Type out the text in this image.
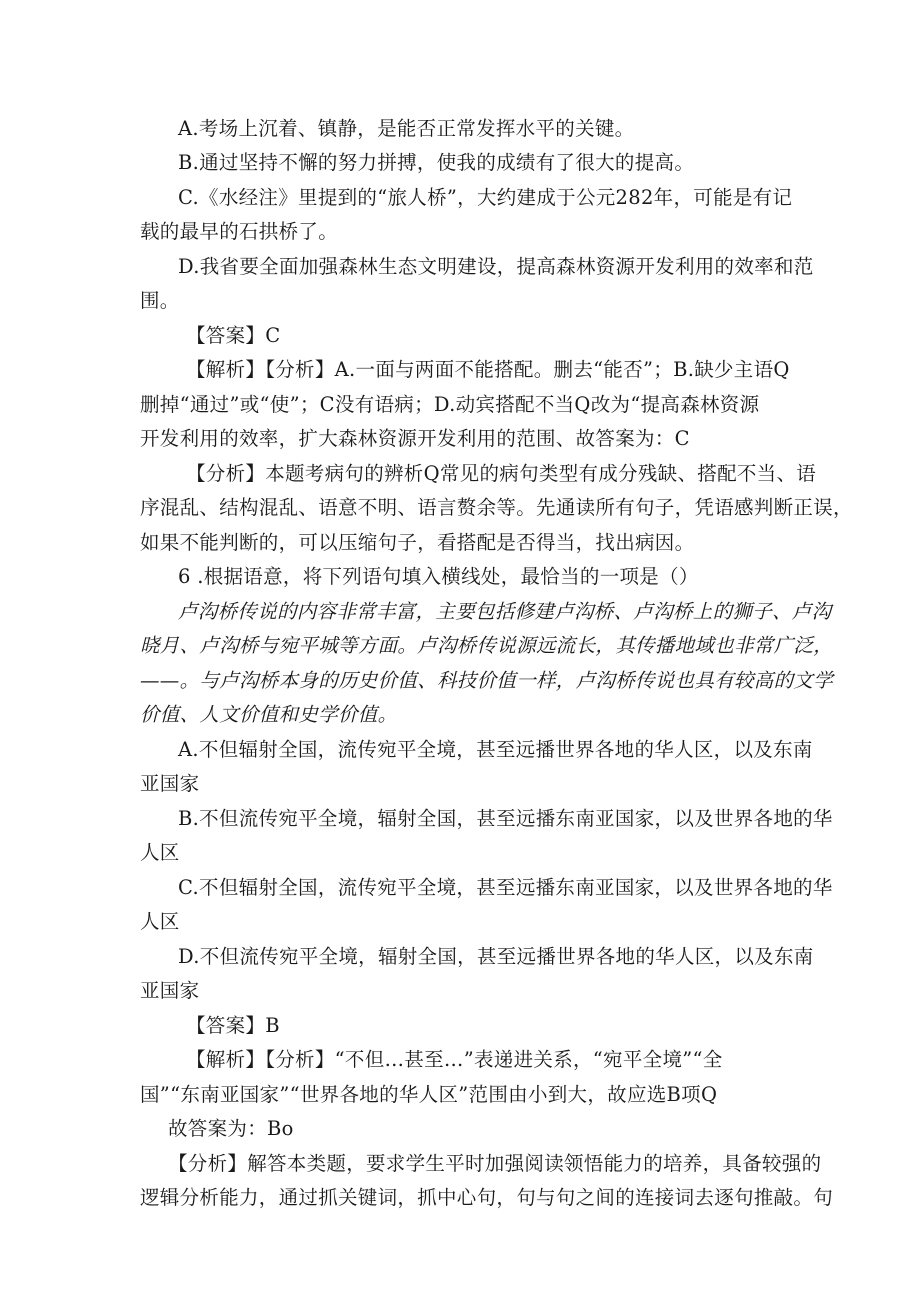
A.考场上沉着、镇静，是能否正常发挥水平的关键。
B.通过坚持不懈的努力拼搏，使我的成绩有了很大的提高。
C.《水经注》里提到的“旅人桥”，大约建成于公元282年，可能是有记
载的最早的石拱桥了。
D.我省要全面加强森林生态文明建设，提高森林资源开发利用的效率和范
围。
【答案】C
【解析】【分析】A.一面与两面不能搭配。删去“能否”；B.缺少主语Q
删掉“通过”或“使”；C没有语病；D.动宾搭配不当Q改为“提高森林资源
开发利用的效率，扩大森林资源开发利用的范围、故答案为：C
【分析】本题考病句的辨析Q常见的病句类型有成分残缺、搭配不当、语
序混乱、结构混乱、语意不明、语言赘余等。先通读所有句子，凭语感判断正误，
如果不能判断的，可以压缩句子，看搭配是否得当，找出病因。
6 .根据语意，将下列语句填入横线处，最恰当的一项是（）
卢沟桥传说的内容非常丰富，主要包括修建卢沟桥、卢沟桥上的狮子、卢沟
晓月、卢沟桥与宛平城等方面。卢沟桥传说源远流长，其传播地域也非常广泛，
——。与卢沟桥本身的历史价值、科技价值一样，卢沟桥传说也具有较高的文学
价值、人文价值和史学价值。
A.不但辐射全国，流传宛平全境，甚至远播世界各地的华人区，以及东南
亚国家
B.不但流传宛平全境，辐射全国，甚至远播东南亚国家，以及世界各地的华
人区
C.不但辐射全国，流传宛平全境，甚至远播东南亚国家，以及世界各地的华
人区
D.不但流传宛平全境，辐射全国，甚至远播世界各地的华人区，以及东南
亚国家
【答案】B
【解析】【分析】“不但…甚至…”表递进关系，“宛平全境”“全
国”“东南亚国家”“世界各地的华人区”范围由小到大，故应选B项Q
故答案为：Bo
【分析】解答本类题，要求学生平时加强阅读领悟能力的培养，具备较强的
逻辑分析能力，通过抓关键词，抓中心句，句与句之间的连接词去逐句推敲。句
